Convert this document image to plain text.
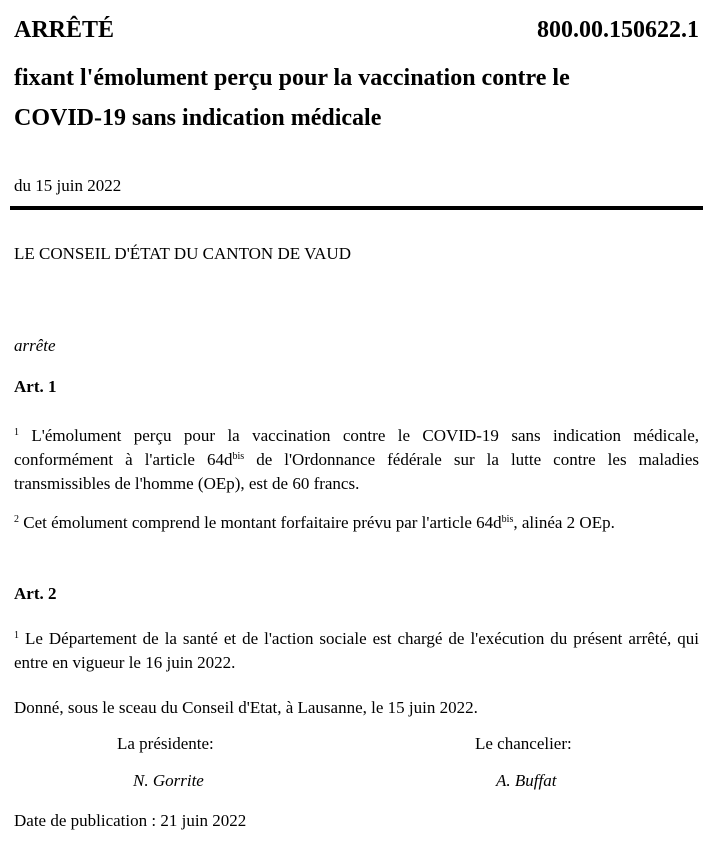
ARRÊTÉ	800.00.150622.1
fixant l'émolument perçu pour la vaccination contre le
COVID-19 sans indication médicale
du 15 juin 2022
LE CONSEIL D'ÉTAT DU CANTON DE VAUD
arrête
Art. 1
$^1$ L'émolument perçu pour la vaccination contre le COVID-19 sans indication médicale, conformément à l'article $64d^{bis}$ de l'Ordonnance fédérale sur la lutte contre les maladies transmissibles de l'homme (OEp), est de 60 francs.
$^2$ Cet émolument comprend le montant forfaitaire prévu par l'article $64d^{bis}$, alinéa 2 OEp.
Art. 2
$^1$ Le Département de la santé et de l'action sociale est chargé de l'exécution du présent arrêté, qui entre en vigueur le 16 juin 2022.
Donné, sous le sceau du Conseil d'Etat, à Lausanne, le 15 juin 2022.
La présidente:	Le chancelier:
N. Gorrite	A. Buffat
Date de publication : 21 juin 2022
